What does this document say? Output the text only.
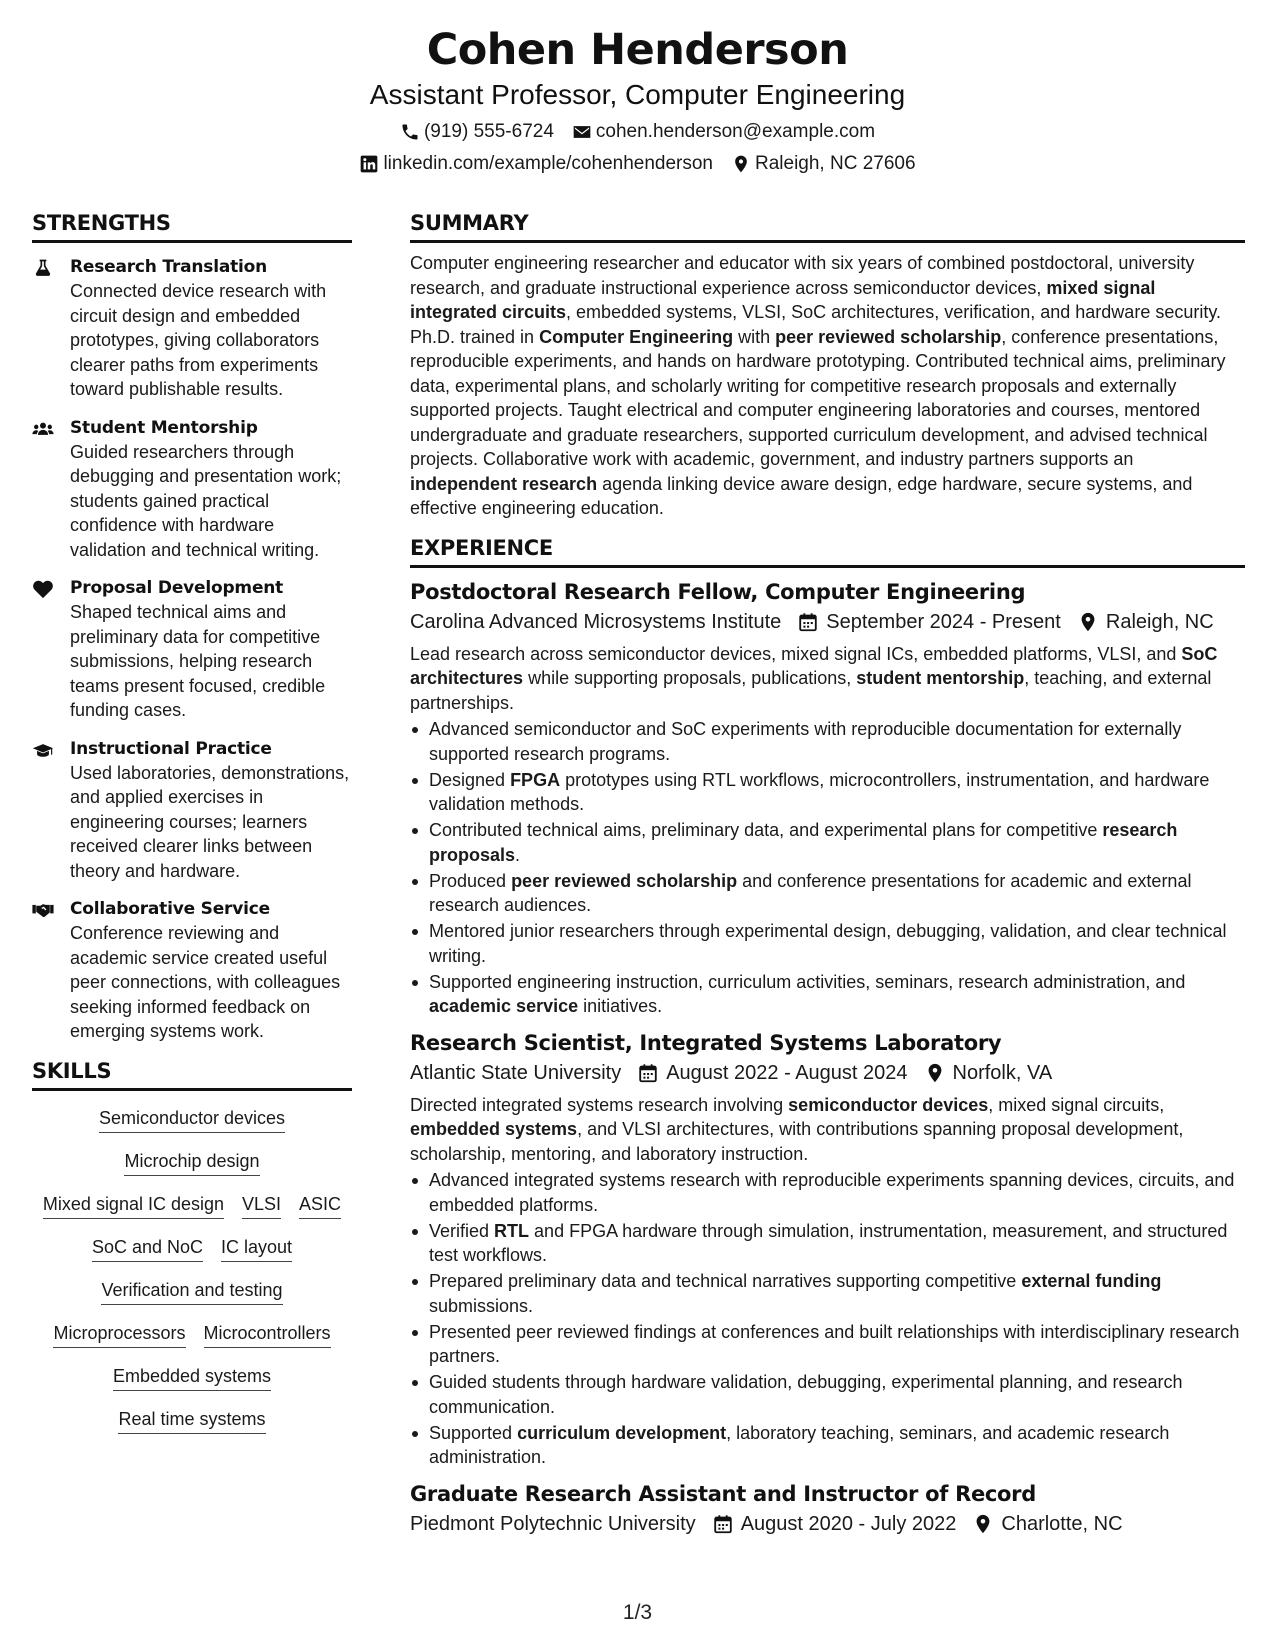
Cohen Henderson
Assistant Professor, Computer Engineering
(919) 555-6724 cohen.henderson@example.com
linkedin.com/example/cohenhenderson Raleigh, NC 27606
STRENGTHS
Research Translation
Connected device research with circuit design and embedded prototypes, giving collaborators clearer paths from experiments toward publishable results.
Student Mentorship
Guided researchers through debugging and presentation work; students gained practical confidence with hardware validation and technical writing.
Proposal Development
Shaped technical aims and preliminary data for competitive submissions, helping research teams present focused, credible funding cases.
Instructional Practice
Used laboratories, demonstrations, and applied exercises in engineering courses; learners received clearer links between theory and hardware.
Collaborative Service
Conference reviewing and academic service created useful peer connections, with colleagues seeking informed feedback on emerging systems work.
SKILLS
Semiconductor devices
Microchip design
Mixed signal IC design VLSI ASIC
SoC and NoC IC layout
Verification and testing
Microprocessors Microcontrollers
Embedded systems
Real time systems
SUMMARY
Computer engineering researcher and educator with six years of combined postdoctoral, university research, and graduate instructional experience across semiconductor devices, mixed signal integrated circuits, embedded systems, VLSI, SoC architectures, verification, and hardware security. Ph.D. trained in Computer Engineering with peer reviewed scholarship, conference presentations, reproducible experiments, and hands on hardware prototyping. Contributed technical aims, preliminary data, experimental plans, and scholarly writing for competitive research proposals and externally supported projects. Taught electrical and computer engineering laboratories and courses, mentored undergraduate and graduate researchers, supported curriculum development, and advised technical projects. Collaborative work with academic, government, and industry partners supports an independent research agenda linking device aware design, edge hardware, secure systems, and effective engineering education.
EXPERIENCE
Postdoctoral Research Fellow, Computer Engineering
Carolina Advanced Microsystems Institute September 2024 - Present Raleigh, NC
Lead research across semiconductor devices, mixed signal ICs, embedded platforms, VLSI, and SoC architectures while supporting proposals, publications, student mentorship, teaching, and external partnerships.
Advanced semiconductor and SoC experiments with reproducible documentation for externally supported research programs.
Designed FPGA prototypes using RTL workflows, microcontrollers, instrumentation, and hardware validation methods.
Contributed technical aims, preliminary data, and experimental plans for competitive research proposals.
Produced peer reviewed scholarship and conference presentations for academic and external research audiences.
Mentored junior researchers through experimental design, debugging, validation, and clear technical writing.
Supported engineering instruction, curriculum activities, seminars, research administration, and academic service initiatives.
Research Scientist, Integrated Systems Laboratory
Atlantic State University August 2022 - August 2024 Norfolk, VA
Directed integrated systems research involving semiconductor devices, mixed signal circuits, embedded systems, and VLSI architectures, with contributions spanning proposal development, scholarship, mentoring, and laboratory instruction.
Advanced integrated systems research with reproducible experiments spanning devices, circuits, and embedded platforms.
Verified RTL and FPGA hardware through simulation, instrumentation, measurement, and structured test workflows.
Prepared preliminary data and technical narratives supporting competitive external funding submissions.
Presented peer reviewed findings at conferences and built relationships with interdisciplinary research partners.
Guided students through hardware validation, debugging, experimental planning, and research communication.
Supported curriculum development, laboratory teaching, seminars, and academic research administration.
Graduate Research Assistant and Instructor of Record
Piedmont Polytechnic University August 2020 - July 2022 Charlotte, NC
1/3
